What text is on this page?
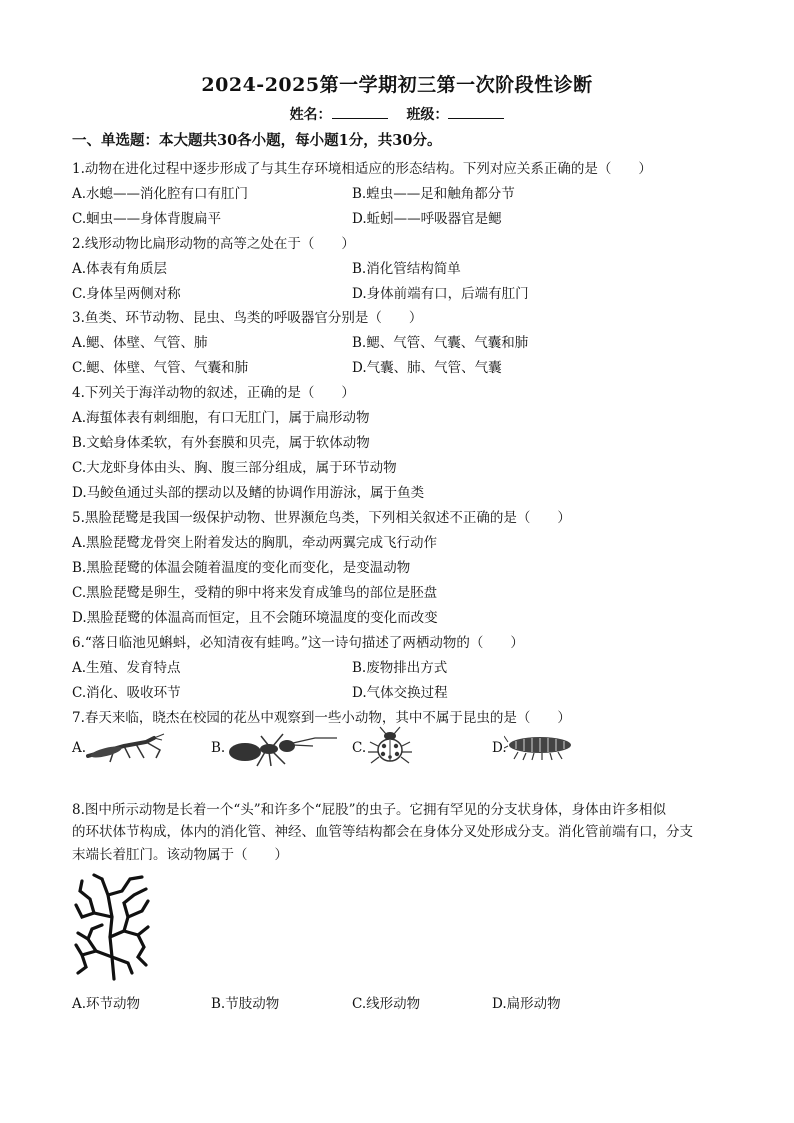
2024-2025第一学期初三第一次阶段性诊断
姓名：	班级：
一、单选题：本大题共30各小题，每小题1分，共30分。
1.动物在进化过程中逐步形成了与其生存环境相适应的形态结构。下列对应关系正确的是（　　）
A.水螅——消化腔有口有肛门	B.蝗虫——足和触角都分节
C.蛔虫——身体背腹扁平	D.蚯蚓——呼吸器官是鳃
2.线形动物比扁形动物的高等之处在于（　　）
A.体表有角质层	B.消化管结构简单
C.身体呈两侧对称	D.身体前端有口，后端有肛门
3.鱼类、环节动物、昆虫、鸟类的呼吸器官分别是（　　）
A.鳃、体壁、气管、肺	B.鳃、气管、气囊、气囊和肺
C.鳃、体壁、气管、气囊和肺	D.气囊、肺、气管、气囊
4.下列关于海洋动物的叙述，正确的是（　　）
A.海蜇体表有刺细胞，有口无肛门，属于扁形动物
B.文蛤身体柔软，有外套膜和贝壳，属于软体动物
C.大龙虾身体由头、胸、腹三部分组成，属于环节动物
D.马鲛鱼通过头部的摆动以及鳍的协调作用游泳，属于鱼类
5.黑脸琵鹭是我国一级保护动物、世界濒危鸟类，下列相关叙述不正确的是（　　）
A.黑脸琵鹭龙骨突上附着发达的胸肌，牵动两翼完成飞行动作
B.黑脸琵鹭的体温会随着温度的变化而变化，是变温动物
C.黑脸琵鹭是卵生，受精的卵中将来发育成雏鸟的部位是胚盘
D.黑脸琵鹭的体温高而恒定，且不会随环境温度的变化而改变
6.“落日临池见蝌蚪，必知清夜有蛙鸣。”这一诗句描述了两栖动物的（　　）
A.生殖、发育特点	B.废物排出方式
C.消化、吸收环节	D.气体交换过程
7.春天来临，晓杰在校园的花丛中观察到一些小动物，其中不属于昆虫的是（　　）
A.	B.	C.	D.
8.图中所示动物是长着一个“头”和许多个“屁股”的虫子。它拥有罕见的分支状身体，身体由许多相似
的环状体节构成，体内的消化管、神经、血管等结构都会在身体分叉处形成分支。消化管前端有口，分支
末端长着肛门。该动物属于（　　）
A.环节动物	B.节肢动物	C.线形动物	D.扁形动物
